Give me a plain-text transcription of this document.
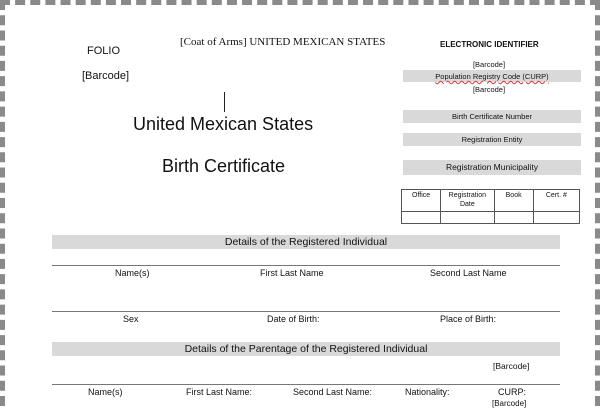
FOLIO
[Barcode]
[Coat of Arms] UNITED MEXICAN STATES
United Mexican States
Birth Certificate
ELECTRONIC IDENTIFIER
[Barcode]
Population Registry Code (CURP)
[Barcode]
Birth Certificate Number
Registration Entity
Registration Municipality
Office	Registration Date	Book	Cert. #

Details of the Registered Individual
Name(s)	First Last Name	Second Last Name
Sex	Date of Birth:	Place of Birth:
Details of the Parentage of the Registered Individual
[Barcode]
Name(s)	First Last Name:	Second Last Name:	Nationality:	CURP:
[Barcode]
